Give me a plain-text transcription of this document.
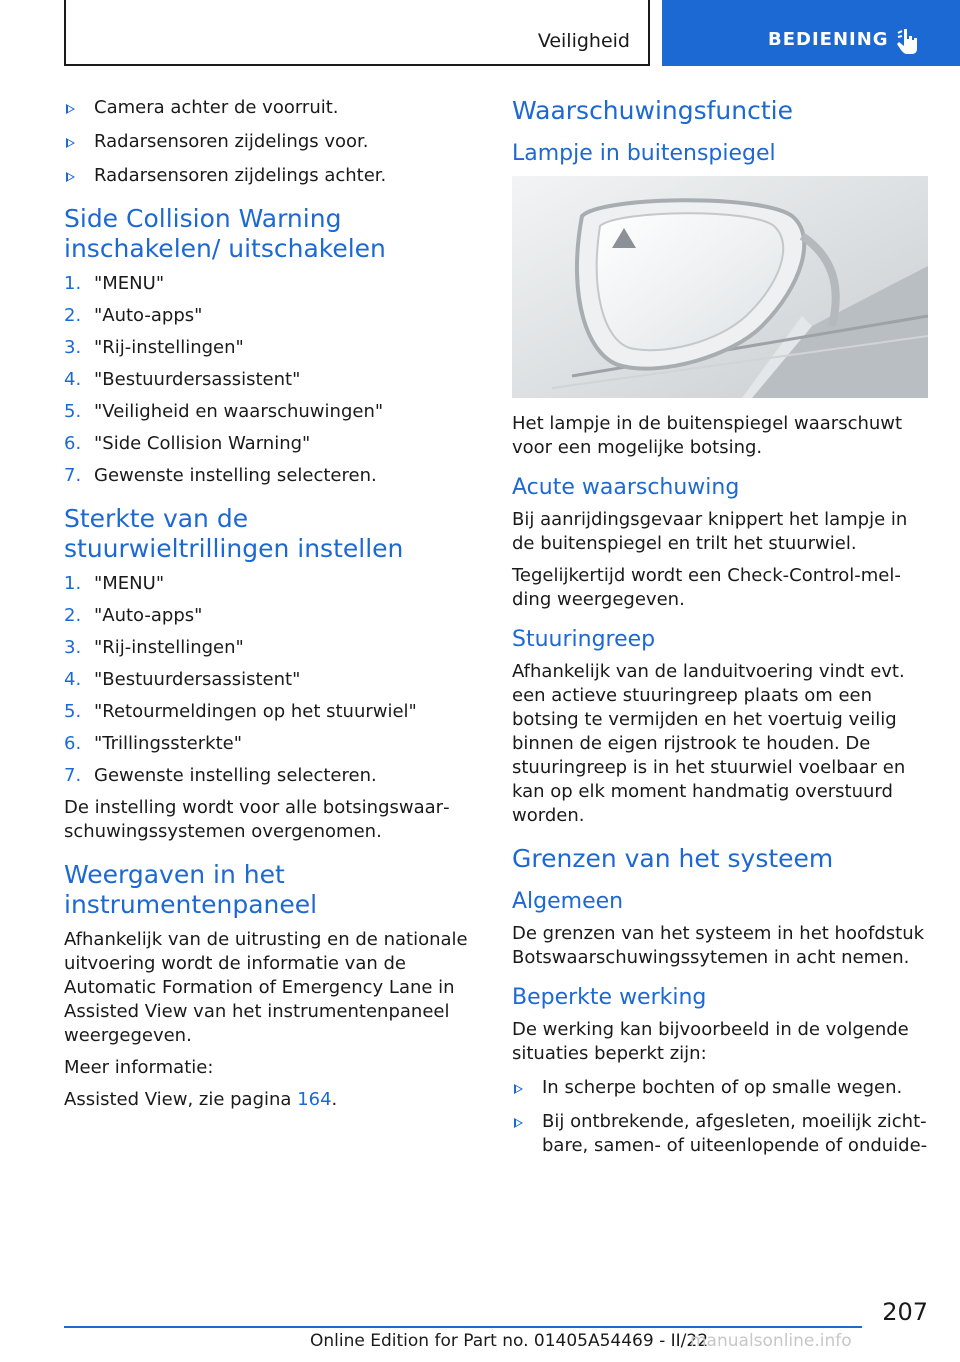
Veiligheid	BEDIENING
Camera achter de voorruit.
Radarsensoren zijdelings voor.
Radarsensoren zijdelings achter.
Side Collision Warning inschakelen/ uitschakelen
1. "MENU"
2. "Auto-apps"
3. "Rij-instellingen"
4. "Bestuurdersassistent"
5. "Veiligheid en waarschuwingen"
6. "Side Collision Warning"
7. Gewenste instelling selecteren.
Sterkte van de stuurwieltrillingen instellen
1. "MENU"
2. "Auto-apps"
3. "Rij-instellingen"
4. "Bestuurdersassistent"
5. "Retourmeldingen op het stuurwiel"
6. "Trillingssterkte"
7. Gewenste instelling selecteren.

De instelling wordt voor alle botsingswaarschuwingssystemen overgenomen.

Weergaven in het instrumentenpaneel

Afhankelijk van de uitrusting en de nationale uitvoering wordt de informatie van de Automatic Formation of Emergency Lane in Assisted View van het instrumentenpaneel weergegeven.

Meer informatie:

Assisted View, zie pagina 164.

Waarschuwingsfunctie
Lampje in buitenspiegel

Het lampje in de buitenspiegel waarschuwt voor een mogelijke botsing.

Acute waarschuwing

Bij aanrijdingsgevaar knippert het lampje in de buitenspiegel en trilt het stuurwiel.

Tegelijkertijd wordt een Check-Control-melding weergegeven.

Stuuringreep

Afhankelijk van de landuitvoering vindt evt. een actieve stuuringreep plaats om een botsing te vermijden en het voertuig veilig binnen de eigen rijstrook te houden. De stuuringreep is in het stuurwiel voelbaar en kan op elk moment handmatig overstuurd worden.

Grenzen van het systeem
Algemeen

De grenzen van het systeem in het hoofdstuk Botswaarschuwingssytemen in acht nemen.

Beperkte werking

De werking kan bijvoorbeeld in de volgende situaties beperkt zijn:

In scherpe bochten of op smalle wegen.
Bij ontbrekende, afgesleten, moeilijk zichtbare, samen- of uiteenlopende of onduide-
207
Online Edition for Part no. 01405A54469 - II/22
manualsonline.info
